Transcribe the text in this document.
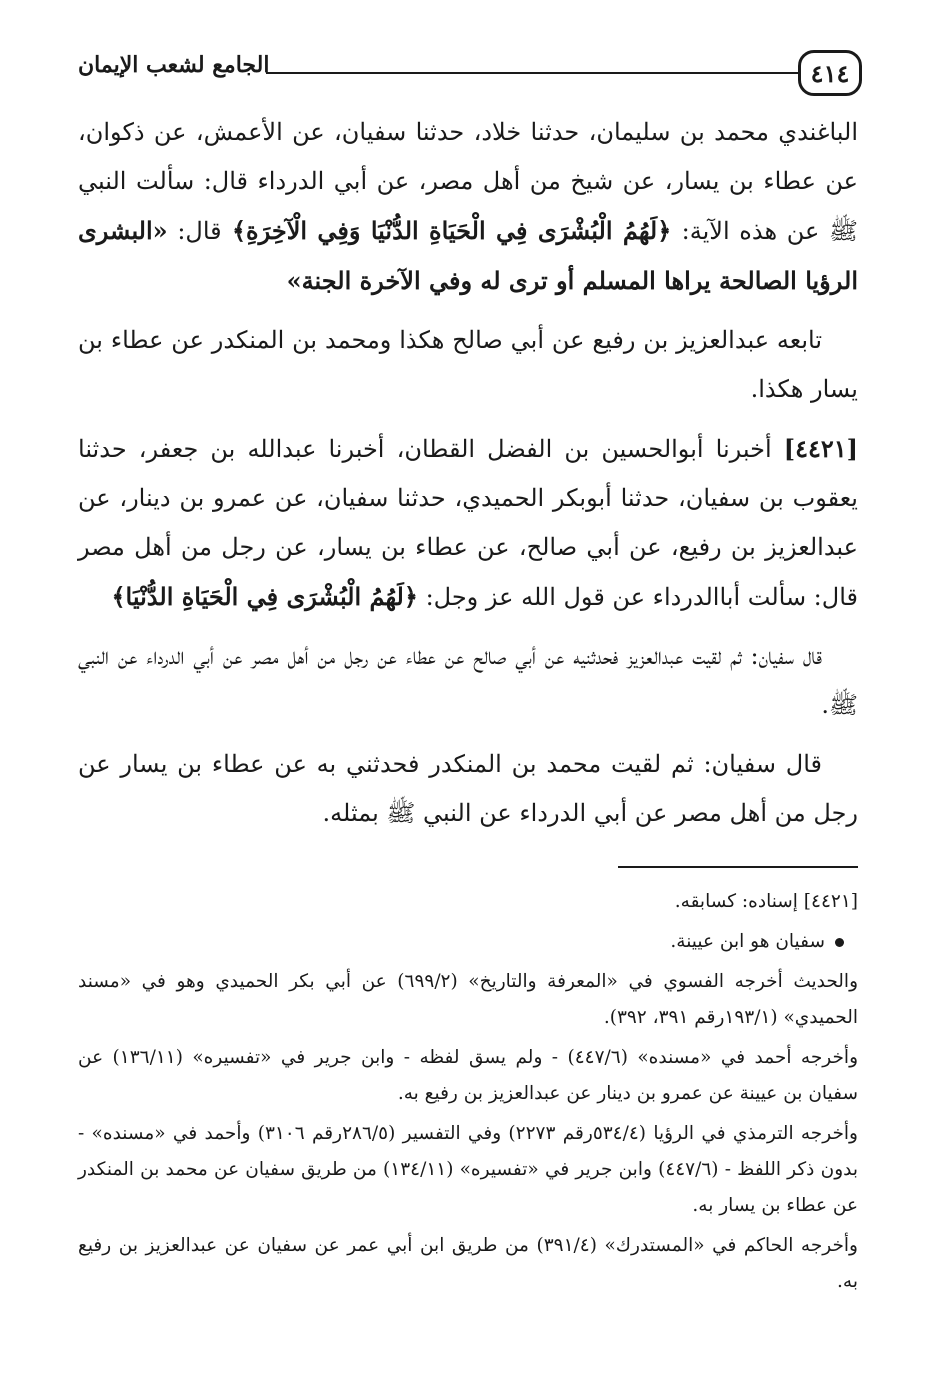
٤١٤
الجامع لشعب الإيمان

الباغندي محمد بن سليمان، حدثنا خلاد، حدثنا سفيان، عن الأعمش، عن ذكوان، عن عطاء بن يسار، عن شيخ من أهل مصر، عن أبي الدرداء قال: سألت النبي ﷺ عن هذه الآية: ﴿لَهُمُ الْبُشْرَى فِي الْحَيَاةِ الدُّنْيَا وَفِي الْآخِرَةِ﴾ قال: «البشرى الرؤيا الصالحة يراها المسلم أو ترى له وفي الآخرة الجنة»

تابعه عبدالعزيز بن رفيع عن أبي صالح هكذا ومحمد بن المنكدر عن عطاء بن يسار هكذا.

[٤٤٢١] أخبرنا أبوالحسين بن الفضل القطان، أخبرنا عبدالله بن جعفر، حدثنا يعقوب بن سفيان، حدثنا أبوبكر الحميدي، حدثنا سفيان، عن عمرو بن دينار، عن عبدالعزيز بن رفيع، عن أبي صالح، عن عطاء بن يسار، عن رجل من أهل مصر قال: سألت أباالدرداء عن قول الله عز وجل: ﴿لَهُمُ الْبُشْرَى فِي الْحَيَاةِ الدُّنْيَا﴾

قال سفيان: ثم لقيت عبدالعزيز فحدثنيه عن أبي صالح عن عطاء عن رجل من أهل مصر عن أبي الدرداء عن النبي ﷺ.

قال سفيان: ثم لقيت محمد بن المنكدر فحدثني به عن عطاء بن يسار عن رجل من أهل مصر عن أبي الدرداء عن النبي ﷺ بمثله.

[٤٤٢١] إسناده: كسابقه.

سفيان هو ابن عيينة.

والحديث أخرجه الفسوي في «المعرفة والتاريخ» (٦٩٩/٢) عن أبي بكر الحميدي وهو في «مسند الحميدي» (١٩٣/١رقم ٣٩١، ٣٩٢).

وأخرجه أحمد في «مسنده» (٤٤٧/٦) - ولم يسق لفظه - وابن جرير في «تفسيره» (١٣٦/١١) عن سفيان بن عيينة عن عمرو بن دينار عن عبدالعزيز بن رفيع به.

وأخرجه الترمذي في الرؤيا (٥٣٤/٤رقم ٢٢٧٣) وفي التفسير (٢٨٦/٥رقم ٣١٠٦) وأحمد في «مسنده» - بدون ذكر اللفظ - (٤٤٧/٦) وابن جرير في «تفسيره» (١٣٤/١١) من طريق سفيان عن محمد بن المنكدر عن عطاء بن يسار به.

وأخرجه الحاكم في «المستدرك» (٣٩١/٤) من طريق ابن أبي عمر عن سفيان عن عبدالعزيز بن رفيع به.
